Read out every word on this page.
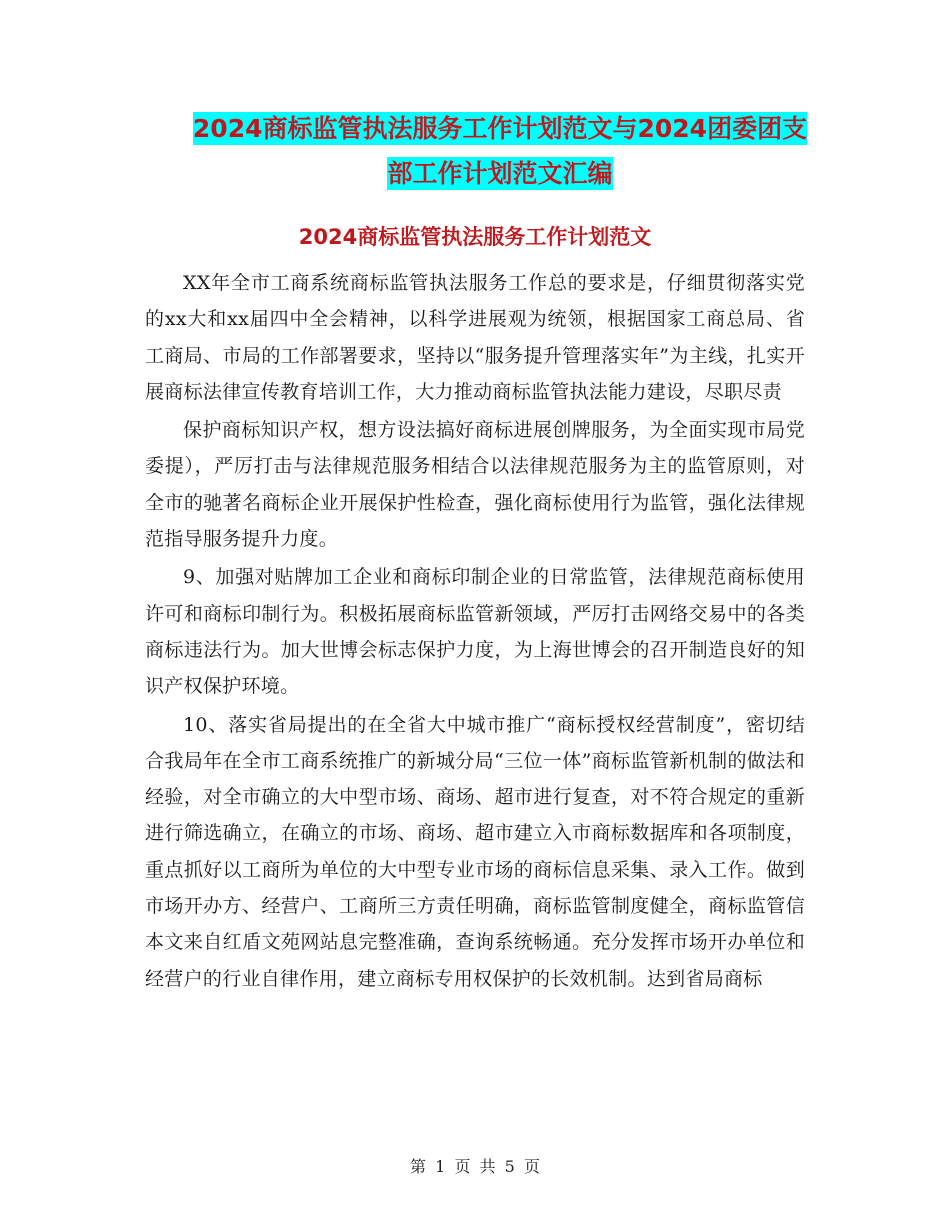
2024商标监管执法服务工作计划范文与2024团委团支
部工作计划范文汇编
2024商标监管执法服务工作计划范文

XX年全市工商系统商标监管执法服务工作总的要求是，仔细贯彻落实党的xx大和xx届四中全会精神，以科学进展观为统领，根据国家工商总局、省工商局、市局的工作部署要求，坚持以“服务提升管理落实年”为主线，扎实开展商标法律宣传教育培训工作，大力推动商标监管执法能力建设，尽职尽责

保护商标知识产权，想方设法搞好商标进展创牌服务，为全面实现市局党委提），严厉打击与法律规范服务相结合以法律规范服务为主的监管原则，对全市的驰著名商标企业开展保护性检查，强化商标使用行为监管，强化法律规范指导服务提升力度。

9、加强对贴牌加工企业和商标印制企业的日常监管，法律规范商标使用许可和商标印制行为。积极拓展商标监管新领域，严厉打击网络交易中的各类商标违法行为。加大世博会标志保护力度，为上海世博会的召开制造良好的知识产权保护环境。

10、落实省局提出的在全省大中城市推广“商标授权经营制度”，密切结合我局年在全市工商系统推广的新城分局“三位一体”商标监管新机制的做法和经验，对全市确立的大中型市场、商场、超市进行复查，对不符合规定的重新进行筛选确立，在确立的市场、商场、超市建立入市商标数据库和各项制度，重点抓好以工商所为单位的大中型专业市场的商标信息采集、录入工作。做到市场开办方、经营户、工商所三方责任明确，商标监管制度健全，商标监管信本文来自红盾文苑网站息完整准确，查询系统畅通。充分发挥市场开办单位和经营户的行业自律作用，建立商标专用权保护的长效机制。达到省局商标

第 1 页 共 5 页
